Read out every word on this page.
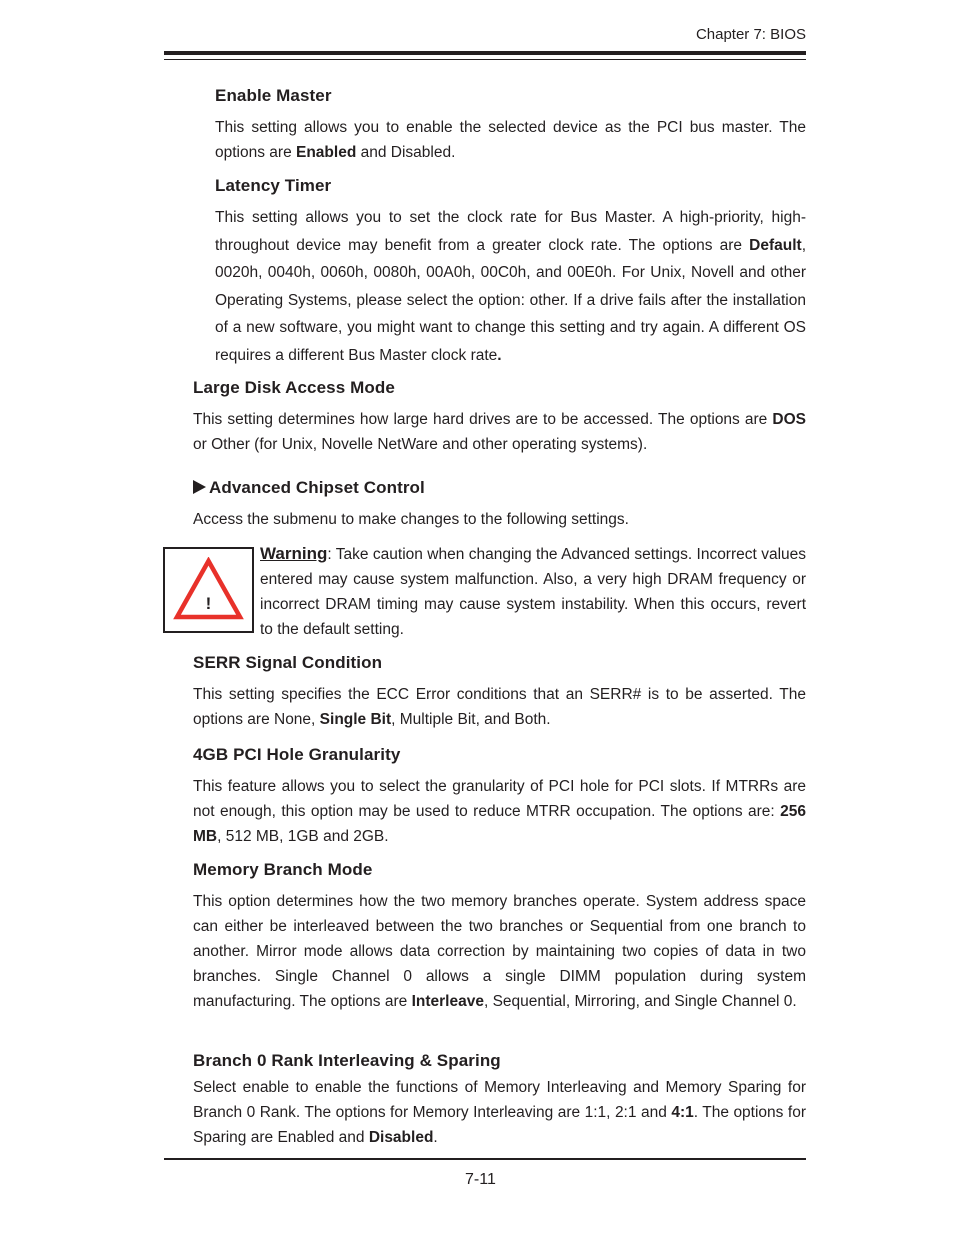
Chapter 7: BIOS
Enable Master

This setting allows you to enable the selected device as the PCI bus master. The options are Enabled and Disabled.

Latency Timer

This setting allows you to set the clock rate for Bus Master. A high-priority, high-throughout device may benefit from a greater clock rate. The options are Default, 0020h, 0040h, 0060h, 0080h, 00A0h, 00C0h, and 00E0h. For Unix, Novell and other Operating Systems, please select the option: other. If a drive fails after the installation of a new software, you might want to change this setting and try again. A different OS requires a different Bus Master clock rate.

Large Disk Access Mode

This setting determines how large hard drives are to be accessed. The options are DOS or Other (for Unix, Novelle NetWare and other operating systems).

Advanced Chipset Control

Access the submenu to make changes to the following settings.

!
Warning: Take caution when changing the Advanced settings. Incorrect values entered may cause system malfunction. Also, a very high DRAM frequency or incorrect DRAM timing may cause system instability. When this occurs, revert to the default setting.
SERR Signal Condition

This setting specifies the ECC Error conditions that an SERR# is to be asserted. The options are None, Single Bit, Multiple Bit, and Both.

4GB PCI Hole Granularity

This feature allows you to select the granularity of PCI hole for PCI slots. If MTRRs are not enough, this option may be used to reduce MTRR occupation. The options are: 256 MB, 512 MB, 1GB and 2GB.

Memory Branch Mode

This option determines how the two memory branches operate. System address space can either be interleaved between the two branches or Sequential from one branch to another. Mirror mode allows data correction by maintaining two copies of data in two branches. Single Channel 0 allows a single DIMM population during system manufacturing. The options are Interleave, Sequential, Mirroring, and Single Channel 0.

Branch 0 Rank Interleaving & Sparing

Select enable to enable the functions of Memory Interleaving and Memory Sparing for Branch 0 Rank. The options for Memory Interleaving are 1:1, 2:1 and 4:1. The options for Sparing are Enabled and Disabled.

7-11
